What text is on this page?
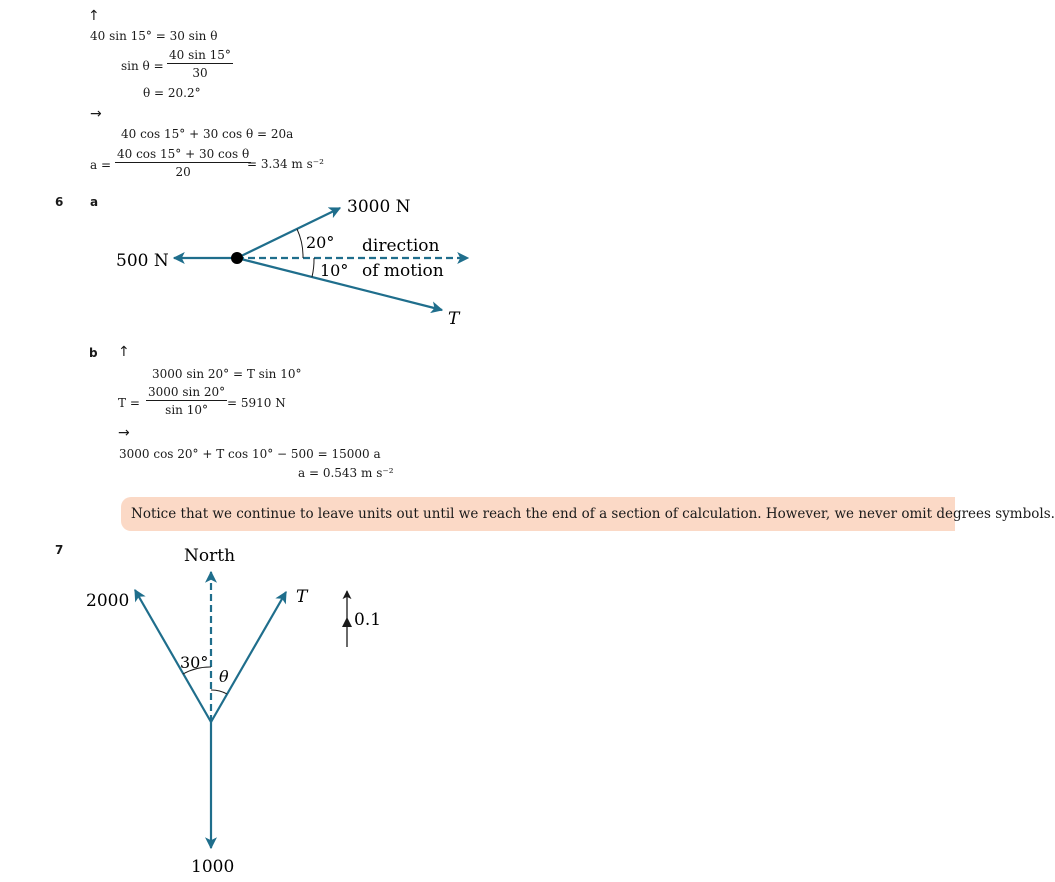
↑
40 sin 15° = 30 sin θ
$\sin \theta = \frac{40 \sin 15^\circ}{30}$
θ = 20.2°
→
40 cos 15° + 30 cos θ = 20a
$a = \frac{\text{40 cos 15° + 30 cos θ}}{20}$
= 3.34 m s⁻²
6 a	3000 N
500 N
20°
10°
direction
of motion
T
North
2000	T
1000
30°
θ
0.1
b ↑
3000 sin 20° = T sin 10°
$T = \frac{3000 \sin 20^\circ}{\sin 10^\circ} = 5910$ N
→
3000 cos 20° + T cos 10° − 500 = 15000 a
a = 0.543 m s⁻²
Notice that we continue to leave units out until we reach the end of a section of calculation. However, we never omit degrees symbols.
7
